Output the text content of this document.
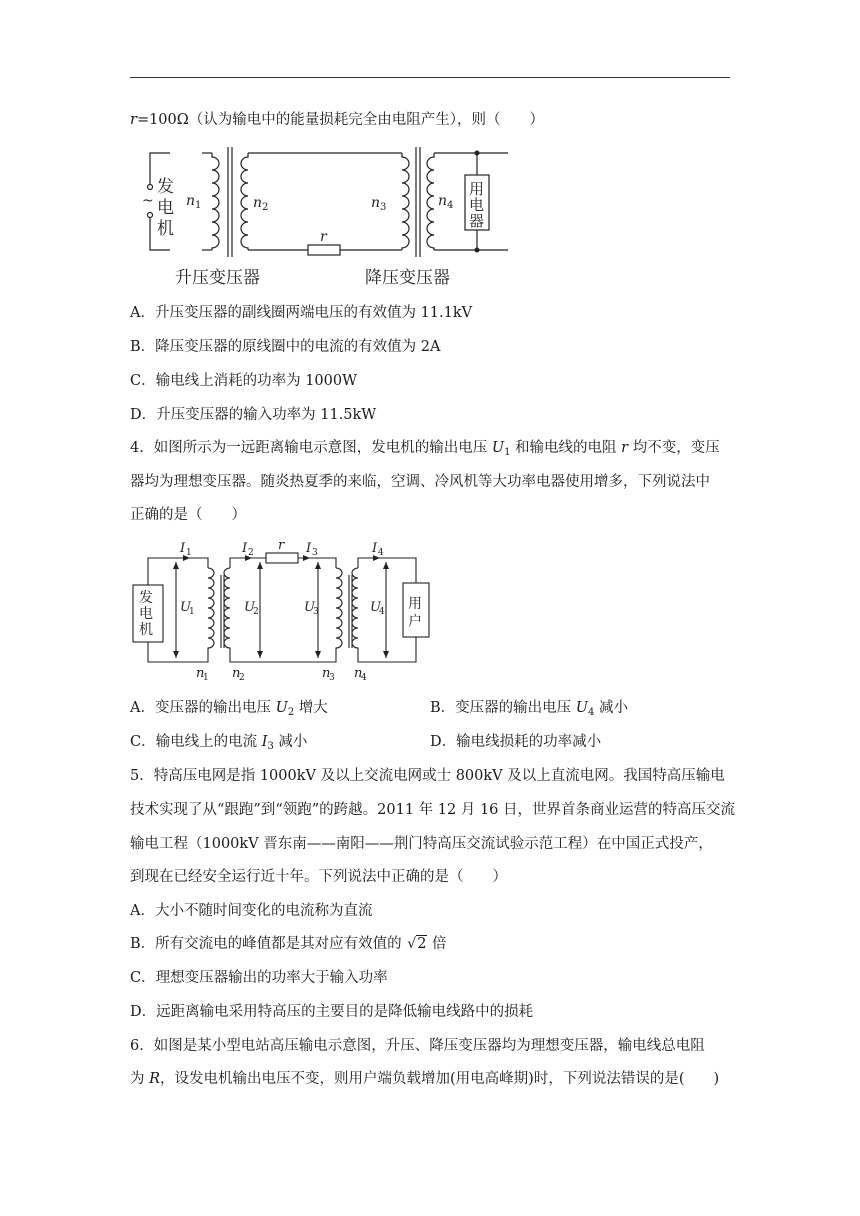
r=100Ω（认为输电中的能量损耗完全由电阻产生），则（　　）
~
发
电
机
n 1	n 2	n 3	n 4
r
用
电
器
升压变压器	降压变压器
A．升压变压器的副线圈两端电压的有效值为 11.1kV
B．降压变压器的原线圈中的电流的有效值为 2A
C．输电线上消耗的功率为 1000W
D．升压变压器的输入功率为 11.5kW
4．如图所示为一远距离输电示意图，发电机的输出电压 $U_1$ 和输电线的电阻 r 均不变，变压
器均为理想变压器。随炎热夏季的来临，空调、冷风机等大功率电器使用增多，下列说法中
正确的是（　　）
发
电
机
用
户
I 1	I 2 r I 3	I 4
U
1	U
2	U
3	U
4
n
1 n
2	n
3 n
4
A．变压器的输出电压 $U_2$ 增大	B．变压器的输出电压 $U_4$ 减小
C．输电线上的电流 $I_3$ 减小	D．输电线损耗的功率减小
5．特高压电网是指 1000kV 及以上交流电网或士 800kV 及以上直流电网。我国特高压输电
技术实现了从“跟跑”到“领跑”的跨越。2011 年 12 月 16 日，世界首条商业运营的特高压交流
输电工程（1000kV 晋东南——南阳——荆门特高压交流试验示范工程）在中国正式投产，
到现在已经安全运行近十年。下列说法中正确的是（　　）
A．大小不随时间变化的电流称为直流
B．所有交流电的峰值都是其对应有效值的 √2 倍
C．理想变压器输出的功率大于输入功率
D．远距离输电采用特高压的主要目的是降低输电线路中的损耗
6．如图是某小型电站高压输电示意图，升压、降压变压器均为理想变压器，输电线总电阻
为 R，设发电机输出电压不变，则用户端负载增加(用电高峰期)时，下列说法错误的是(　　)
